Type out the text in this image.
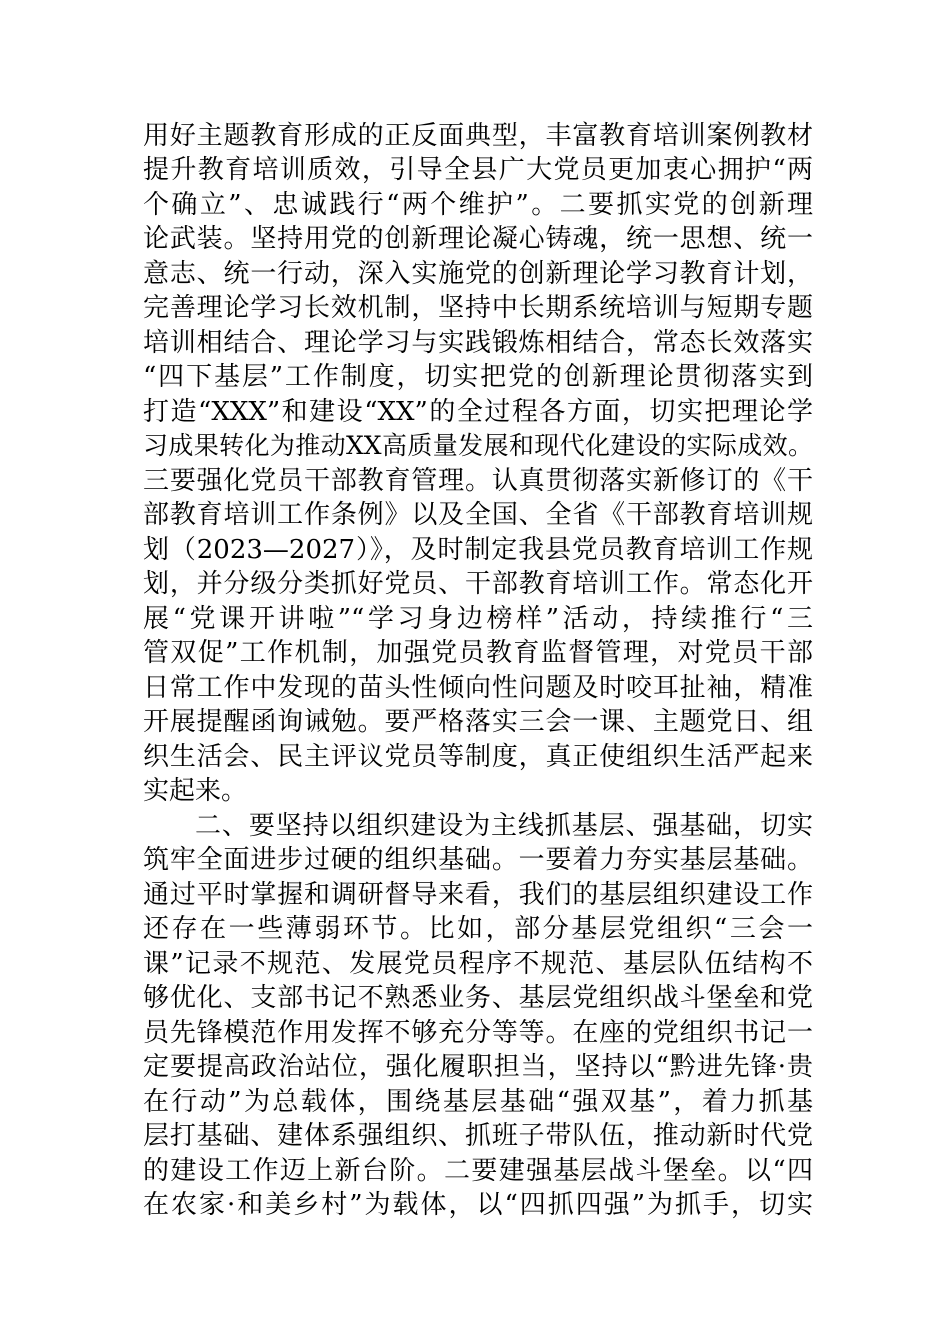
用好主题教育形成的正反面典型，丰富教育培训案例教材
提升教育培训质效，引导全县广大党员更加衷心拥护“两
个确立”、忠诚践行“两个维护”。二要抓实党的创新理
论武装。坚持用党的创新理论凝心铸魂，统一思想、统一
意志、统一行动，深入实施党的创新理论学习教育计划，
完善理论学习长效机制，坚持中长期系统培训与短期专题
培训相结合、理论学习与实践锻炼相结合，常态长效落实
“四下基层”工作制度，切实把党的创新理论贯彻落实到
打造“XXX”和建设“XX”的全过程各方面，切实把理论学
习成果转化为推动XX高质量发展和现代化建设的实际成效。
三要强化党员干部教育管理。认真贯彻落实新修订的《干
部教育培训工作条例》以及全国、全省《干部教育培训规
划（2023—2027）》，及时制定我县党员教育培训工作规
划，并分级分类抓好党员、干部教育培训工作。常态化开
展“党课开讲啦”“学习身边榜样”活动，持续推行“三
管双促”工作机制，加强党员教育监督管理，对党员干部
日常工作中发现的苗头性倾向性问题及时咬耳扯袖，精准
开展提醒函询诫勉。要严格落实三会一课、主题党日、组
织生活会、民主评议党员等制度，真正使组织生活严起来
实起来。
二、要坚持以组织建设为主线抓基层、强基础，切实
筑牢全面进步过硬的组织基础。一要着力夯实基层基础。
通过平时掌握和调研督导来看，我们的基层组织建设工作
还存在一些薄弱环节。比如，部分基层党组织“三会一
课”记录不规范、发展党员程序不规范、基层队伍结构不
够优化、支部书记不熟悉业务、基层党组织战斗堡垒和党
员先锋模范作用发挥不够充分等等。在座的党组织书记一
定要提高政治站位，强化履职担当，坚持以“黔进先锋·贵
在行动”为总载体，围绕基层基础“强双基”，着力抓基
层打基础、建体系强组织、抓班子带队伍，推动新时代党
的建设工作迈上新台阶。二要建强基层战斗堡垒。以“四
在农家·和美乡村”为载体，以“四抓四强”为抓手，切实
